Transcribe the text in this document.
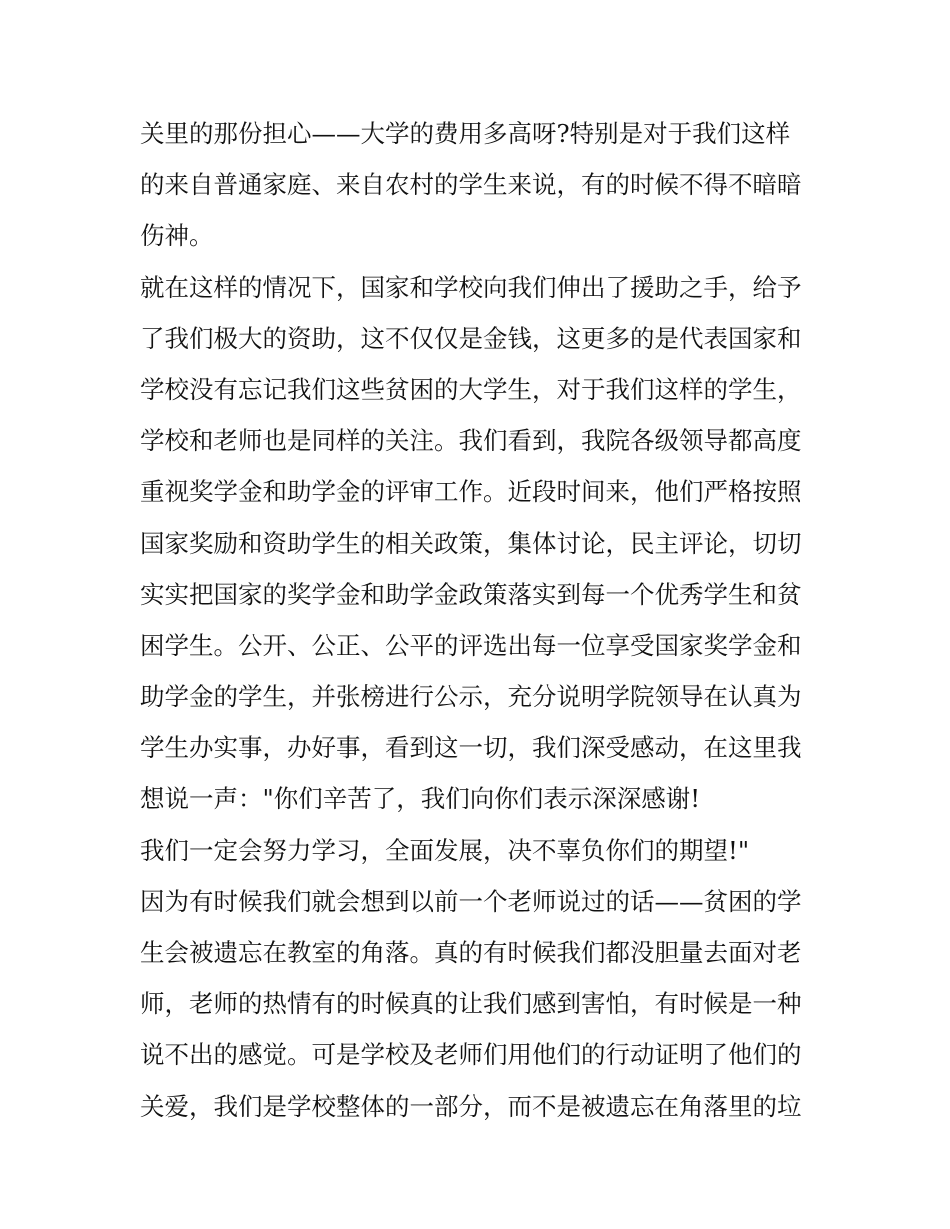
关里的那份担心——大学的费用多高呀?特别是对于我们这样
的来自普通家庭、来自农村的学生来说，有的时候不得不暗暗
伤神。
就在这样的情况下，国家和学校向我们伸出了援助之手，给予
了我们极大的资助，这不仅仅是金钱，这更多的是代表国家和
学校没有忘记我们这些贫困的大学生，对于我们这样的学生，
学校和老师也是同样的关注。我们看到，我院各级领导都高度
重视奖学金和助学金的评审工作。近段时间来，他们严格按照
国家奖励和资助学生的相关政策，集体讨论，民主评论，切切
实实把国家的奖学金和助学金政策落实到每一个优秀学生和贫
困学生。公开、公正、公平的评选出每一位享受国家奖学金和
助学金的学生，并张榜进行公示，充分说明学院领导在认真为
学生办实事，办好事，看到这一切，我们深受感动，在这里我
想说一声："你们辛苦了，我们向你们表示深深感谢!
我们一定会努力学习，全面发展，决不辜负你们的期望!"
因为有时候我们就会想到以前一个老师说过的话——贫困的学
生会被遗忘在教室的角落。真的有时候我们都没胆量去面对老
师，老师的热情有的时候真的让我们感到害怕，有时候是一种
说不出的感觉。可是学校及老师们用他们的行动证明了他们的
关爱，我们是学校整体的一部分，而不是被遗忘在角落里的垃
